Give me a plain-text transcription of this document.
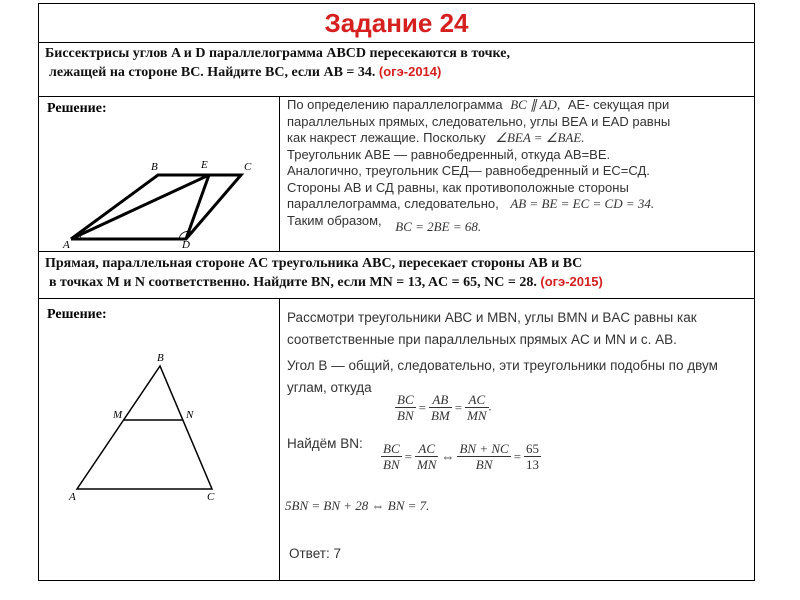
Задание 24
Биссектрисы углов A и D параллелограмма ABCD пересекаются в точке,
лежащей на стороне BC. Найдите BC, если AB = 34. (огэ-2014)
Решение:
B	E	C
A	D

По определению параллелограмма BC ∥ AD, АЕ- секущая при параллельных прямых, следовательно, углы ВЕА и ЕАD равны как накрест лежащие. Поскольку ∠BEA = ∠BAE.

Треугольник АВЕ — равнобедренный, откуда АВ=ВЕ.

Аналогично, треугольник СЕД— равнобедренный и ЕС=СД.

Стороны АВ и СД равны, как противоположные стороны параллелограмма, следовательно, AB = BE = EC = CD = 34.

Таким образом, BC = 2BE = 68.

Прямая, параллельная стороне AC треугольника ABC, пересекает стороны AB и BC
в точках M и N соответственно. Найдите BN, если MN = 13, AC = 65, NC = 28. (огэ-2015)
Решение:
B
M	N
A	C

Рассмотри треугольники АВС и MBN, углы BMN и BAC равны как соответственные при параллельных прямых AC и MN и с. AB.

Угол В — общий, следовательно, эти треугольники подобны по двум углам, откуда

$\frac{BC}{BN} = \frac{AB}{BM} = \frac{AC}{MN}$ .
Найдём BN: $\frac{BC}{BN} = \frac{AC}{MN}$ ⇔ $\frac{BN + NC}{BN} = \frac{65}{13}$
5BN = BN + 28 ⇔ BN = 7.
Ответ: 7
